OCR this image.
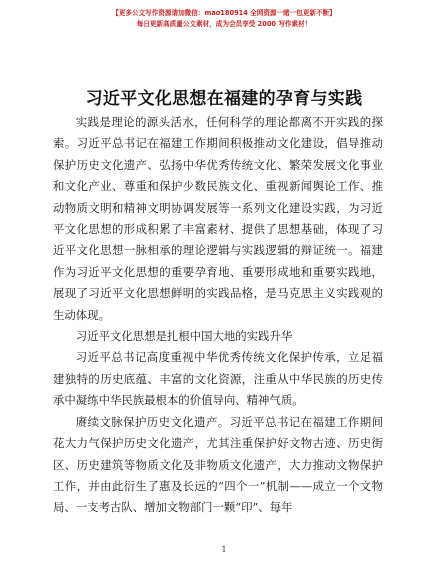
【更多公文写作资源请加微信：mao180914 全网资源一睹一包更新不断】
每日更新高质量公文素材，成为会员享受 2000 写作素材！
习近平文化思想在福建的孕育与实践

实践是理论的源头活水，任何科学的理论都离不开实践的探索。习近平总书记在福建工作期间积极推动文化建设，倡导推动保护历史文化遗产、弘扬中华优秀传统文化、繁荣发展文化事业和文化产业、尊重和保护少数民族文化、重视新闻舆论工作、推动物质文明和精神文明协调发展等一系列文化建设实践，为习近平文化思想的形成积累了丰富素材、提供了思想基础，体现了习近平文化思想一脉相承的理论逻辑与实践逻辑的辩证统一。福建作为习近平文化思想的重要孕育地、重要形成地和重要实践地，展现了习近平文化思想鲜明的实践品格，是马克思主义实践观的生动体现。

习近平文化思想是扎根中国大地的实践升华

习近平总书记高度重视中华优秀传统文化保护传承，立足福建独特的历史底蕴、丰富的文化资源，注重从中华民族的历史传承中凝练中华民族最根本的价值导向、精神气质。

赓续文脉保护历史文化遗产。习近平总书记在福建工作期间花大力气保护历史文化遗产，尤其注重保护好文物古迹、历史街区、历史建筑等物质文化及非物质文化遗产，大力推动文物保护工作，并由此衍生了惠及长远的“四个一”机制——成立一个文物局、一支考古队、增加文物部门一颗“印”、每年

1
